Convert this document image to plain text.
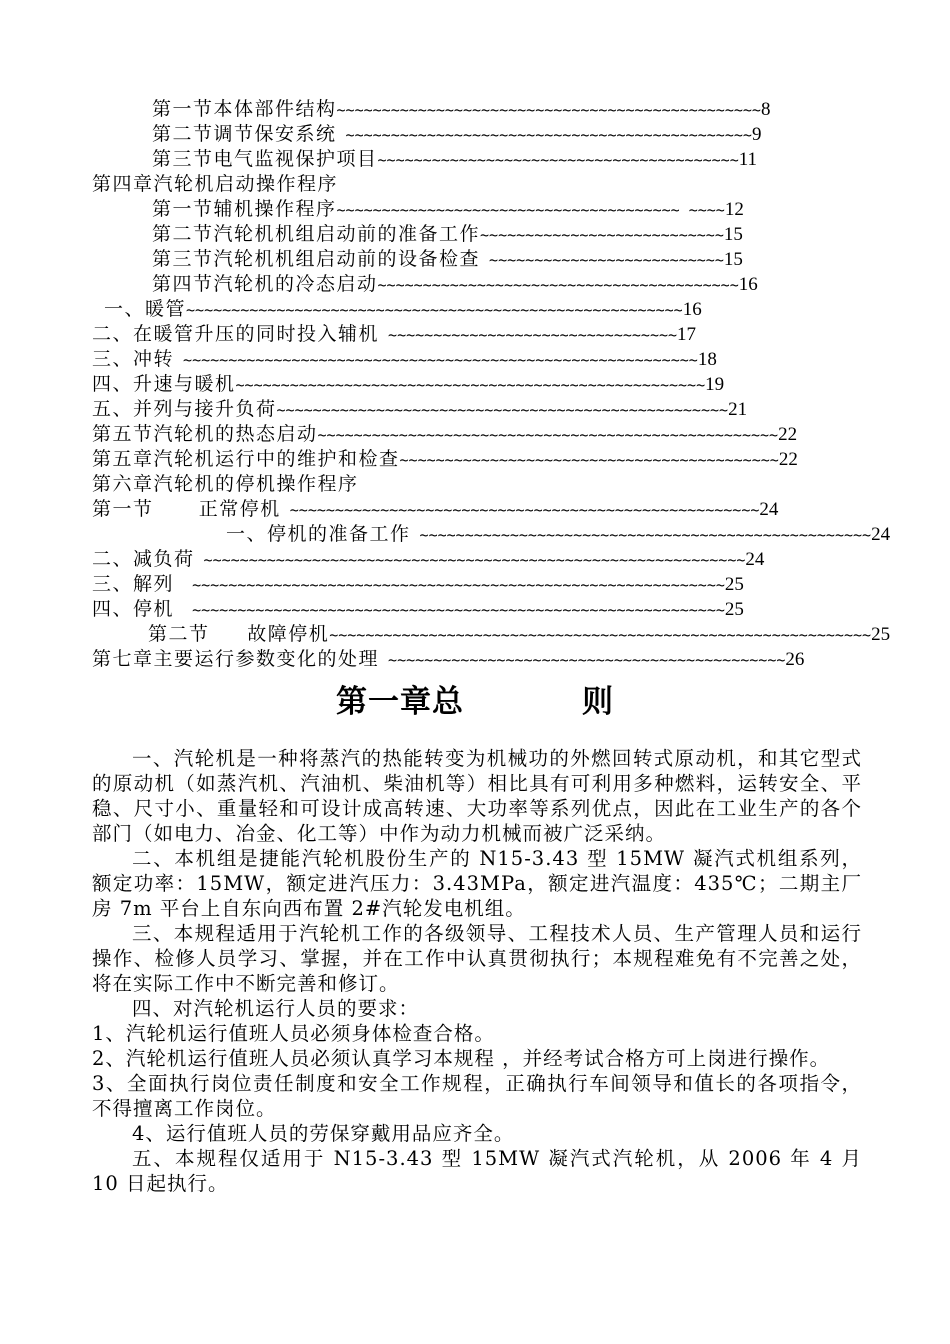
第一节本体部件结构~~~~~~~~~~~~~~~~~~~~~~~~~~~~~~~~~~~~~~~~~~~~~~~8
第二节调节保安系统 ~~~~~~~~~~~~~~~~~~~~~~~~~~~~~~~~~~~~~~~~~~~~~9
第三节电气监视保护项目~~~~~~~~~~~~~~~~~~~~~~~~~~~~~~~~~~~~~~~~11
第四章汽轮机启动操作程序
第一节辅机操作程序~~~~~~~~~~~~~~~~~~~~~~~~~~~~~~~~~~~~~~ ~~~~12
第二节汽轮机机组启动前的准备工作~~~~~~~~~~~~~~~~~~~~~~~~~~~15
第三节汽轮机机组启动前的设备检查 ~~~~~~~~~~~~~~~~~~~~~~~~~~15
第四节汽轮机的冷态启动~~~~~~~~~~~~~~~~~~~~~~~~~~~~~~~~~~~~~~~~16
一、暖管~~~~~~~~~~~~~~~~~~~~~~~~~~~~~~~~~~~~~~~~~~~~~~~~~~~~~~~16
二、在暖管升压的同时投入辅机 ~~~~~~~~~~~~~~~~~~~~~~~~~~~~~~~~17
三、冲转 ~~~~~~~~~~~~~~~~~~~~~~~~~~~~~~~~~~~~~~~~~~~~~~~~~~~~~~~~~18
四、升速与暖机~~~~~~~~~~~~~~~~~~~~~~~~~~~~~~~~~~~~~~~~~~~~~~~~~~~~19
五、并列与接升负荷~~~~~~~~~~~~~~~~~~~~~~~~~~~~~~~~~~~~~~~~~~~~~~~~~~21
第五节汽轮机的热态启动~~~~~~~~~~~~~~~~~~~~~~~~~~~~~~~~~~~~~~~~~~~~~~~~~~~22
第五章汽轮机运行中的维护和检查~~~~~~~~~~~~~~~~~~~~~~~~~~~~~~~~~~~~~~~~~~22
第六章汽轮机的停机操作程序
第一节      正常停机 ~~~~~~~~~~~~~~~~~~~~~~~~~~~~~~~~~~~~~~~~~~~~~~~~~~~~24
一、停机的准备工作 ~~~~~~~~~~~~~~~~~~~~~~~~~~~~~~~~~~~~~~~~~~~~~~~~~~24
二、减负荷 ~~~~~~~~~~~~~~~~~~~~~~~~~~~~~~~~~~~~~~~~~~~~~~~~~~~~~~~~~~~~24
三、解列  ~~~~~~~~~~~~~~~~~~~~~~~~~~~~~~~~~~~~~~~~~~~~~~~~~~~~~~~~~~~25
四、停机  ~~~~~~~~~~~~~~~~~~~~~~~~~~~~~~~~~~~~~~~~~~~~~~~~~~~~~~~~~~~25
第二节     故障停机~~~~~~~~~~~~~~~~~~~~~~~~~~~~~~~~~~~~~~~~~~~~~~~~~~~~~~~~~~~~25
第七章主要运行参数变化的处理 ~~~~~~~~~~~~~~~~~~~~~~~~~~~~~~~~~~~~~~~~~~~~26
第一章总	则

一、汽轮机是一种将蒸汽的热能转变为机械功的外燃回转式原动机，和其它型式的原动机（如蒸汽机、汽油机、柴油机等）相比具有可利用多种燃料，运转安全、平稳、尺寸小、重量轻和可设计成高转速、大功率等系列优点，因此在工业生产的各个部门（如电力、冶金、化工等）中作为动力机械而被广泛采纳。

二、本机组是捷能汽轮机股份生产的 N15-3.43 型 15MW 凝汽式机组系列，额定功率：15MW，额定进汽压力：3.43MPa，额定进汽温度：435℃；二期主厂房 7m 平台上自东向西布置 2#汽轮发电机组。

三、本规程适用于汽轮机工作的各级领导、工程技术人员、生产管理人员和运行操作、检修人员学习、掌握，并在工作中认真贯彻执行；本规程难免有不完善之处，将在实际工作中不断完善和修订。

四、对汽轮机运行人员的要求：

1、汽轮机运行值班人员必须身体检查合格。

2、汽轮机运行值班人员必须认真学习本规程 ，并经考试合格方可上岗进行操作。

3、全面执行岗位责任制度和安全工作规程，正确执行车间领导和值长的各项指令，不得擅离工作岗位。

4、运行值班人员的劳保穿戴用品应齐全。

五、本规程仅适用于 N15-3.43 型 15MW 凝汽式汽轮机，从 2006 年 4 月 10 日起执行。
